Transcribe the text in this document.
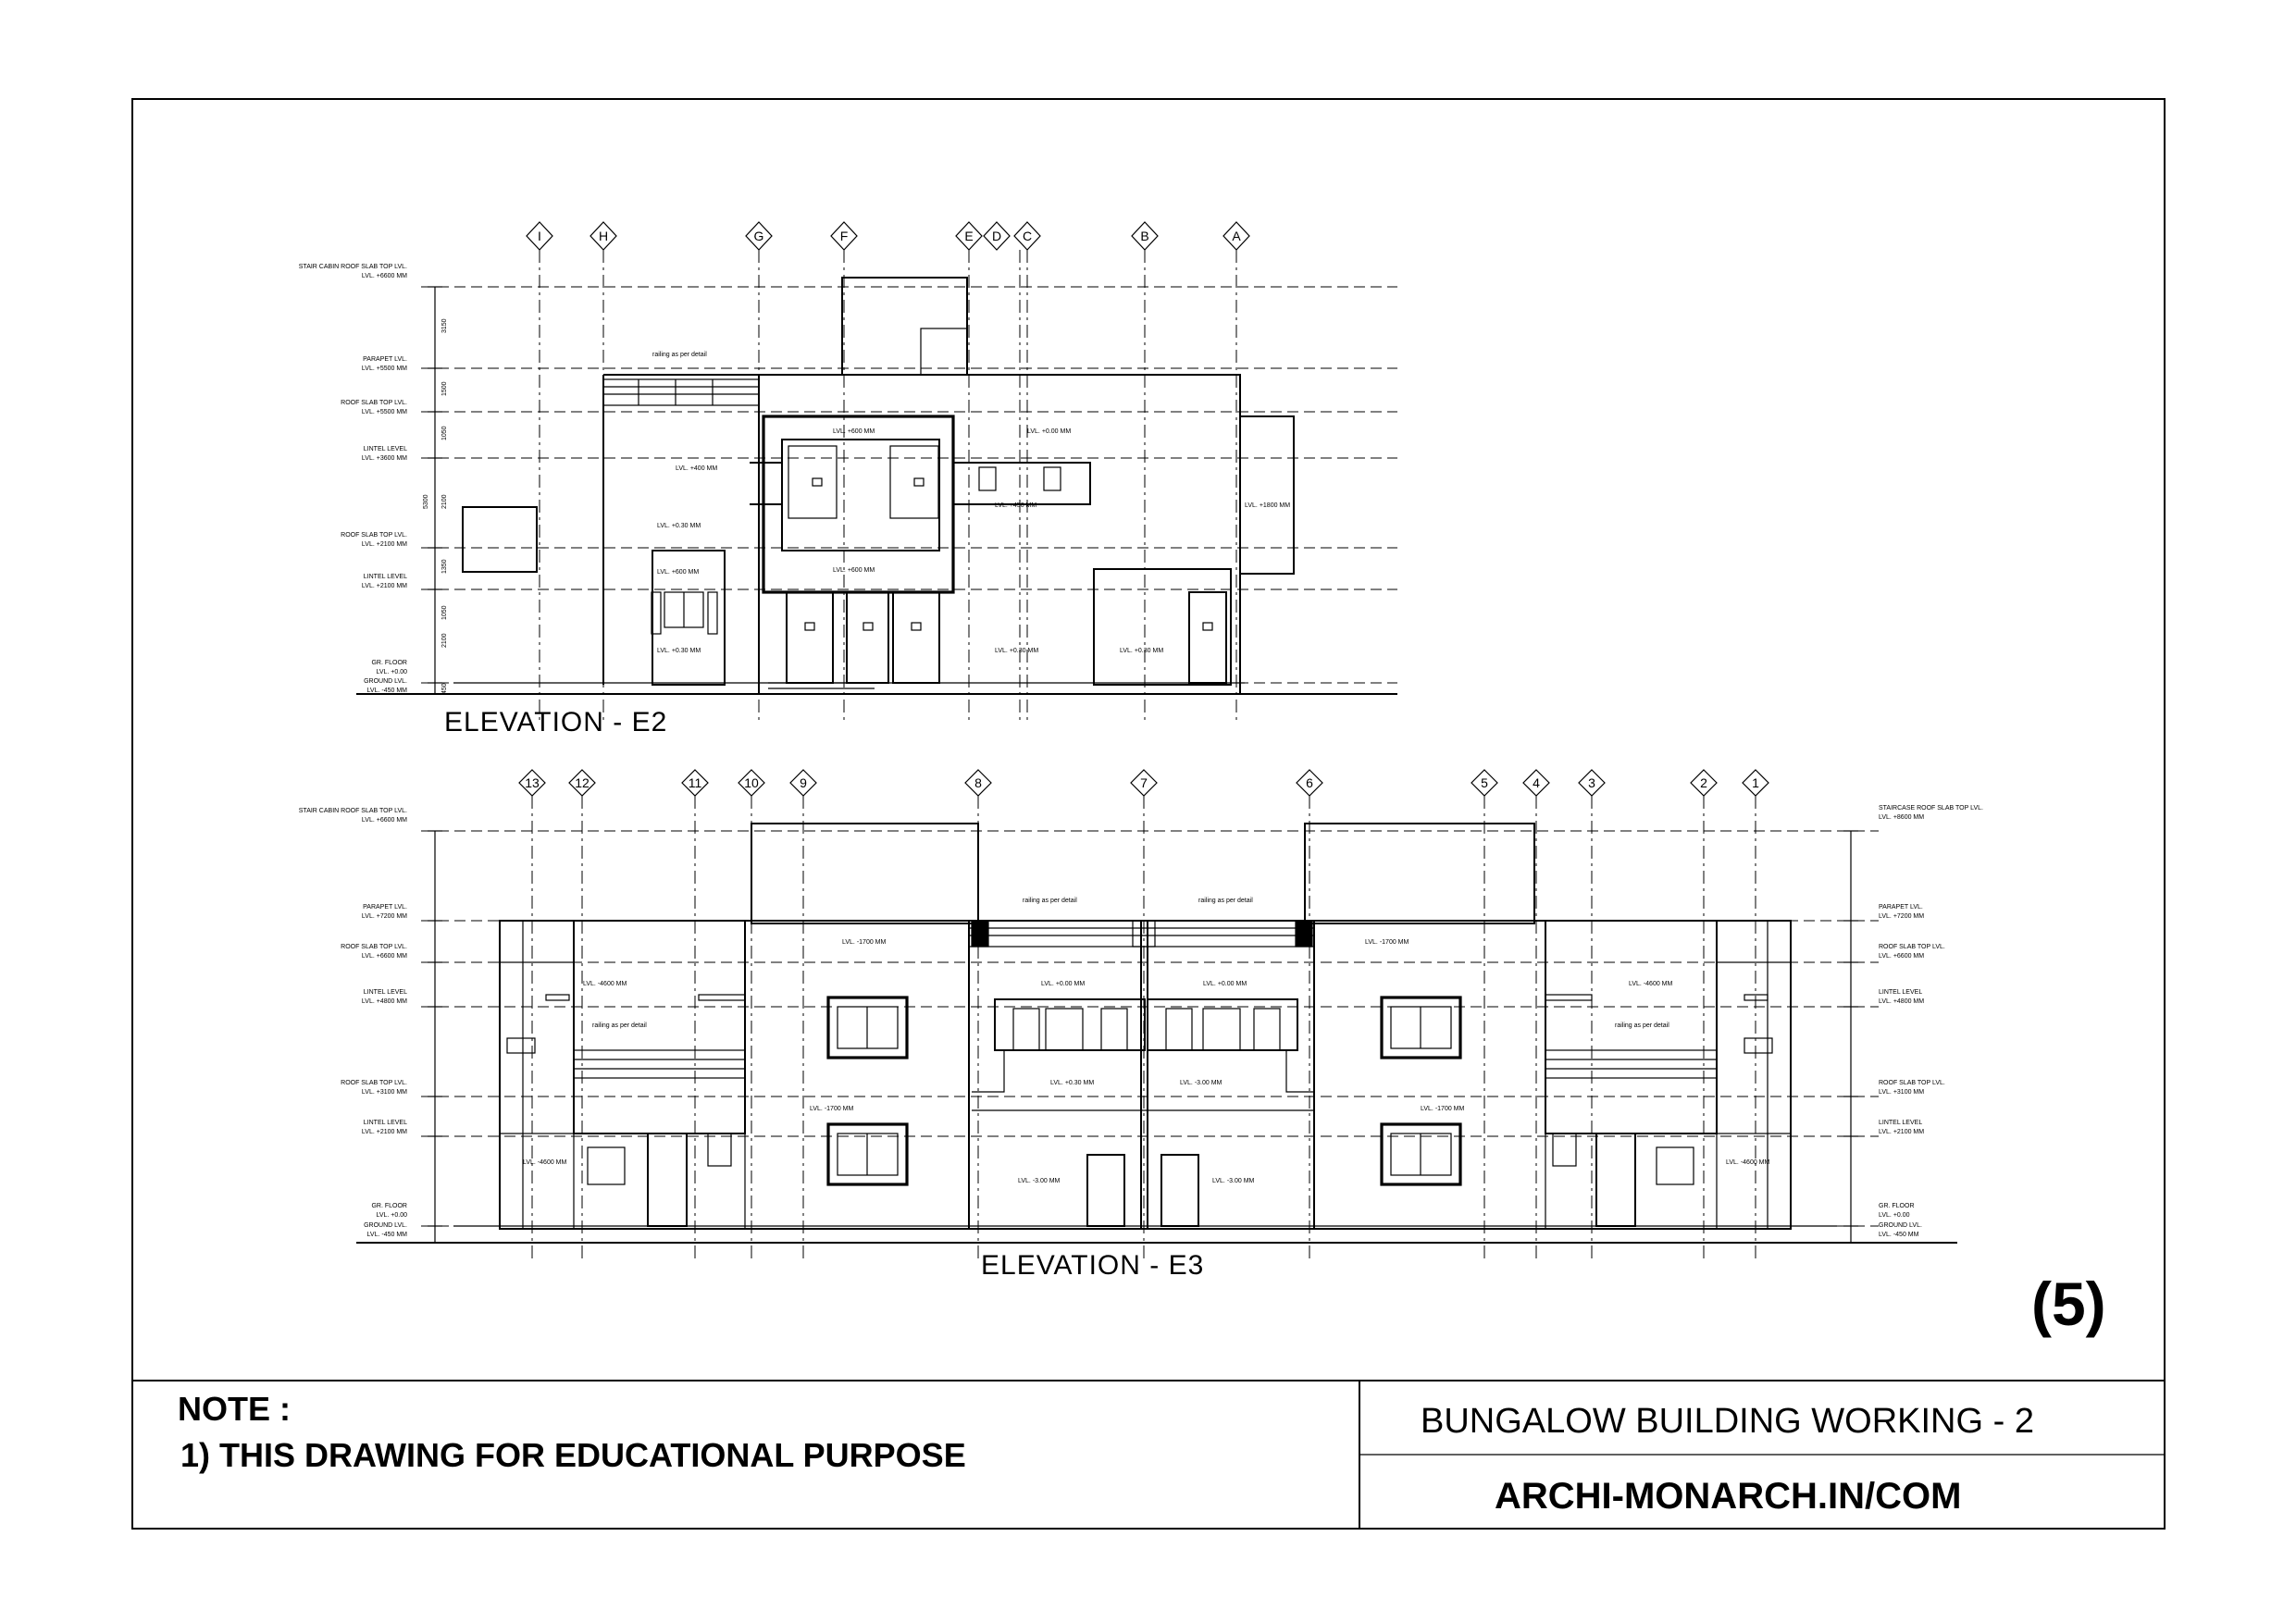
3150
1500
1050
2100
1350
1050
2100
450
5300
STAIR CABIN ROOF SLAB TOP LVL.
LVL. +6600 MM
PARAPET LVL.
LVL. +5500 MM
ROOF SLAB TOP LVL.
LVL. +5500 MM
LINTEL LEVEL
LVL. +3600 MM
ROOF SLAB TOP LVL.
LVL. +2100 MM
LINTEL LEVEL
LVL. +2100 MM
GR. FLOOR
LVL. +0.00
GROUND LVL.
LVL. -450 MM
I	H	G	F	E D C	B	A
railing as per detail
LVL. +600 MM	LVL. +0.00 MM
LVL. +400 MM
LVL. +450 MM	LVL. +1800 MM
LVL. +0.30 MM
LVL. +600 MM
LVL. +600 MM
LVL. +0.30 MM	LVL. +0.30 MM	LVL. +0.30 MM
ELEVATION - E2
STAIR CABIN ROOF SLAB TOP LVL.
LVL. +6600 MM
PARAPET LVL.
LVL. +7200 MM
ROOF SLAB TOP LVL.
LVL. +6600 MM
LINTEL LEVEL
LVL. +4800 MM
ROOF SLAB TOP LVL.
LVL. +3100 MM
LINTEL LEVEL
LVL. +2100 MM
GR. FLOOR
LVL. +0.00
GROUND LVL.
LVL. -450 MM
STAIRCASE ROOF SLAB TOP LVL.
LVL. +8600 MM
PARAPET LVL.
LVL. +7200 MM
ROOF SLAB TOP LVL.
LVL. +6600 MM
LINTEL LEVEL
LVL. +4800 MM
ROOF SLAB TOP LVL.
LVL. +3100 MM
LINTEL LEVEL
LVL. +2100 MM
GR. FLOOR
LVL. +0.00
GROUND LVL.
LVL. -450 MM
13	12	11	10	9	8	7	6	5	4	3	2	1
railing as per detail	railing as per detail
railing as per detail	railing as per detail
LVL. -1700 MM	LVL. -1700 MM
LVL. -4600 MM	LVL. -4600 MM
LVL. +0.00 MM	LVL. +0.00 MM
LVL. +0.30 MM	LVL. -3.00 MM
LVL. -1700 MM	LVL. -1700 MM
LVL. -4600 MM	LVL. -4600 MM
LVL. -3.00 MM	LVL. -3.00 MM
ELEVATION - E3
(5)
NOTE :
1) THIS DRAWING FOR EDUCATIONAL PURPOSE
BUNGALOW BUILDING WORKING - 2
ARCHI-MONARCH.IN/COM
